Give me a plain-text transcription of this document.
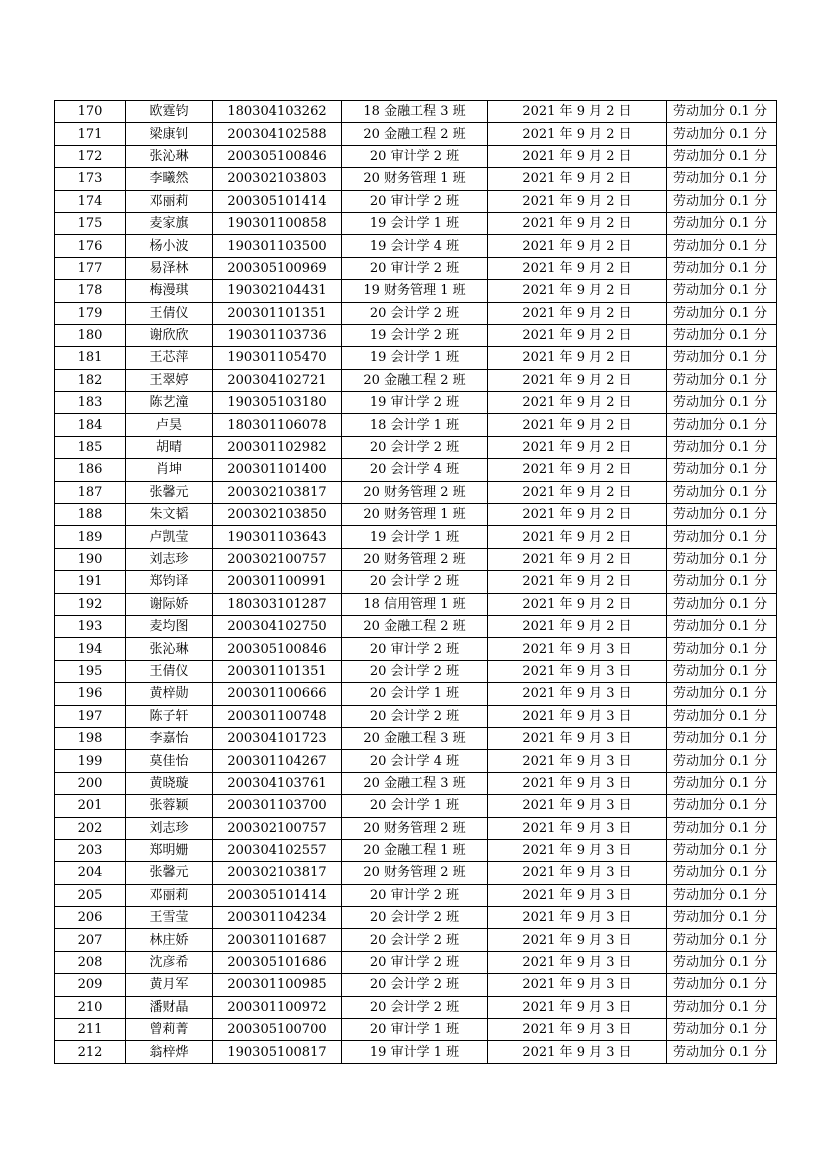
170	欧霆钧	180304103262	18 金融工程 3 班	2021 年 9 月 2 日	劳动加分 0.1 分
171	梁康钊	200304102588	20 金融工程 2 班	2021 年 9 月 2 日	劳动加分 0.1 分
172	张沁琳	200305100846	20 审计学 2 班	2021 年 9 月 2 日	劳动加分 0.1 分
173	李曦然	200302103803	20 财务管理 1 班	2021 年 9 月 2 日	劳动加分 0.1 分
174	邓丽莉	200305101414	20 审计学 2 班	2021 年 9 月 2 日	劳动加分 0.1 分
175	麦家旗	190301100858	19 会计学 1 班	2021 年 9 月 2 日	劳动加分 0.1 分
176	杨小波	190301103500	19 会计学 4 班	2021 年 9 月 2 日	劳动加分 0.1 分
177	易泽林	200305100969	20 审计学 2 班	2021 年 9 月 2 日	劳动加分 0.1 分
178	梅漫琪	190302104431	19 财务管理 1 班	2021 年 9 月 2 日	劳动加分 0.1 分
179	王倩仪	200301101351	20 会计学 2 班	2021 年 9 月 2 日	劳动加分 0.1 分
180	谢欣欣	190301103736	19 会计学 2 班	2021 年 9 月 2 日	劳动加分 0.1 分
181	王芯萍	190301105470	19 会计学 1 班	2021 年 9 月 2 日	劳动加分 0.1 分
182	王翠婷	200304102721	20 金融工程 2 班	2021 年 9 月 2 日	劳动加分 0.1 分
183	陈艺潼	190305103180	19 审计学 2 班	2021 年 9 月 2 日	劳动加分 0.1 分
184	卢昊	180301106078	18 会计学 1 班	2021 年 9 月 2 日	劳动加分 0.1 分
185	胡晴	200301102982	20 会计学 2 班	2021 年 9 月 2 日	劳动加分 0.1 分
186	肖坤	200301101400	20 会计学 4 班	2021 年 9 月 2 日	劳动加分 0.1 分
187	张馨元	200302103817	20 财务管理 2 班	2021 年 9 月 2 日	劳动加分 0.1 分
188	朱文韬	200302103850	20 财务管理 1 班	2021 年 9 月 2 日	劳动加分 0.1 分
189	卢凯莹	190301103643	19 会计学 1 班	2021 年 9 月 2 日	劳动加分 0.1 分
190	刘志珍	200302100757	20 财务管理 2 班	2021 年 9 月 2 日	劳动加分 0.1 分
191	郑钧译	200301100991	20 会计学 2 班	2021 年 9 月 2 日	劳动加分 0.1 分
192	谢际娇	180303101287	18 信用管理 1 班	2021 年 9 月 2 日	劳动加分 0.1 分
193	麦均图	200304102750	20 金融工程 2 班	2021 年 9 月 2 日	劳动加分 0.1 分
194	张沁琳	200305100846	20 审计学 2 班	2021 年 9 月 3 日	劳动加分 0.1 分
195	王倩仪	200301101351	20 会计学 2 班	2021 年 9 月 3 日	劳动加分 0.1 分
196	黄梓勋	200301100666	20 会计学 1 班	2021 年 9 月 3 日	劳动加分 0.1 分
197	陈子轩	200301100748	20 会计学 2 班	2021 年 9 月 3 日	劳动加分 0.1 分
198	李嘉怡	200304101723	20 金融工程 3 班	2021 年 9 月 3 日	劳动加分 0.1 分
199	莫佳怡	200301104267	20 会计学 4 班	2021 年 9 月 3 日	劳动加分 0.1 分
200	黄晓璇	200304103761	20 金融工程 3 班	2021 年 9 月 3 日	劳动加分 0.1 分
201	张蓉颖	200301103700	20 会计学 1 班	2021 年 9 月 3 日	劳动加分 0.1 分
202	刘志珍	200302100757	20 财务管理 2 班	2021 年 9 月 3 日	劳动加分 0.1 分
203	郑明姗	200304102557	20 金融工程 1 班	2021 年 9 月 3 日	劳动加分 0.1 分
204	张馨元	200302103817	20 财务管理 2 班	2021 年 9 月 3 日	劳动加分 0.1 分
205	邓丽莉	200305101414	20 审计学 2 班	2021 年 9 月 3 日	劳动加分 0.1 分
206	王雪莹	200301104234	20 会计学 2 班	2021 年 9 月 3 日	劳动加分 0.1 分
207	林庄娇	200301101687	20 会计学 2 班	2021 年 9 月 3 日	劳动加分 0.1 分
208	沈彦希	200305101686	20 审计学 2 班	2021 年 9 月 3 日	劳动加分 0.1 分
209	黄月军	200301100985	20 会计学 2 班	2021 年 9 月 3 日	劳动加分 0.1 分
210	潘财晶	200301100972	20 会计学 2 班	2021 年 9 月 3 日	劳动加分 0.1 分
211	曾莉菁	200305100700	20 审计学 1 班	2021 年 9 月 3 日	劳动加分 0.1 分
212	翁梓烨	190305100817	19 审计学 1 班	2021 年 9 月 3 日	劳动加分 0.1 分
